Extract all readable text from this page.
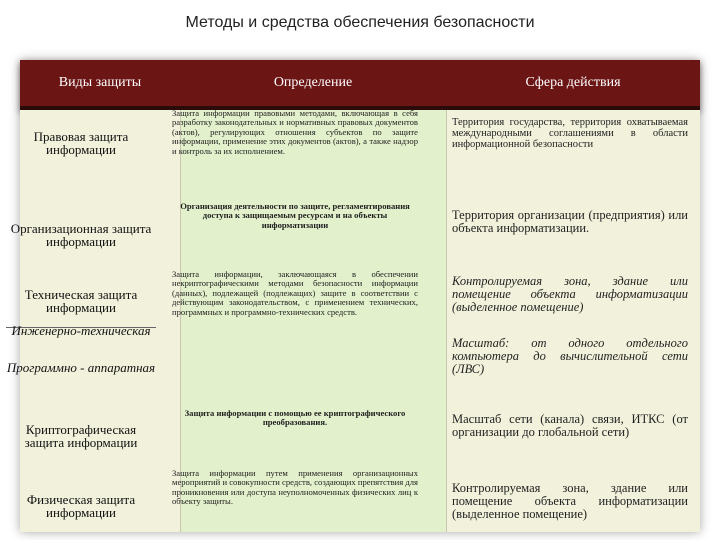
Методы и средства обеспечения безопасности
Виды защиты	Определение	Сфера действия
Правовая защита информации
Организационная защита информации
Техническая защита информации
Инженерно-техническая
Программно - аппаратная
Криптографическая защита информации
Физическая защита информации
Защита информации правовыми методами, включающая в себя разработку законодательных и нормативных правовых документов (актов), регулирующих отношения субъектов по защите информации, применение этих документов (актов), а также надзор и контроль за их исполнением.
Организация деятельности по защите, регламентирования доступа к защищаемым ресурсам и на объекты информатизации
Защита информации, заключающаяся в обеспечении некриптографическими методами безопасности информации (данных), подлежащей (подлежащих) защите в соответствии с действующим законодательством, с применением технических, программных и программно-технических средств.
Защита информации с помощью ее криптографического преобразования.
Защита информации путем применения организационных мероприятий и совокупности средств, создающих препятствия для проникновения или доступа неуполномоченных физических лиц к объекту защиты.
Территория государства, территория охватываемая международными соглашениями в области информационной безопасности
Территория организации (предприятия) или объекта информатизации.
Контролируемая зона, здание или помещение объекта информатизации (выделенное помещение)
Масштаб: от одного отдельного компьютера до вычислительной сети (ЛВС)
Масштаб сети (канала) связи, ИТКС (от организации до глобальной сети)
Контролируемая зона, здание или помещение объекта информатизации (выделенное помещение)
